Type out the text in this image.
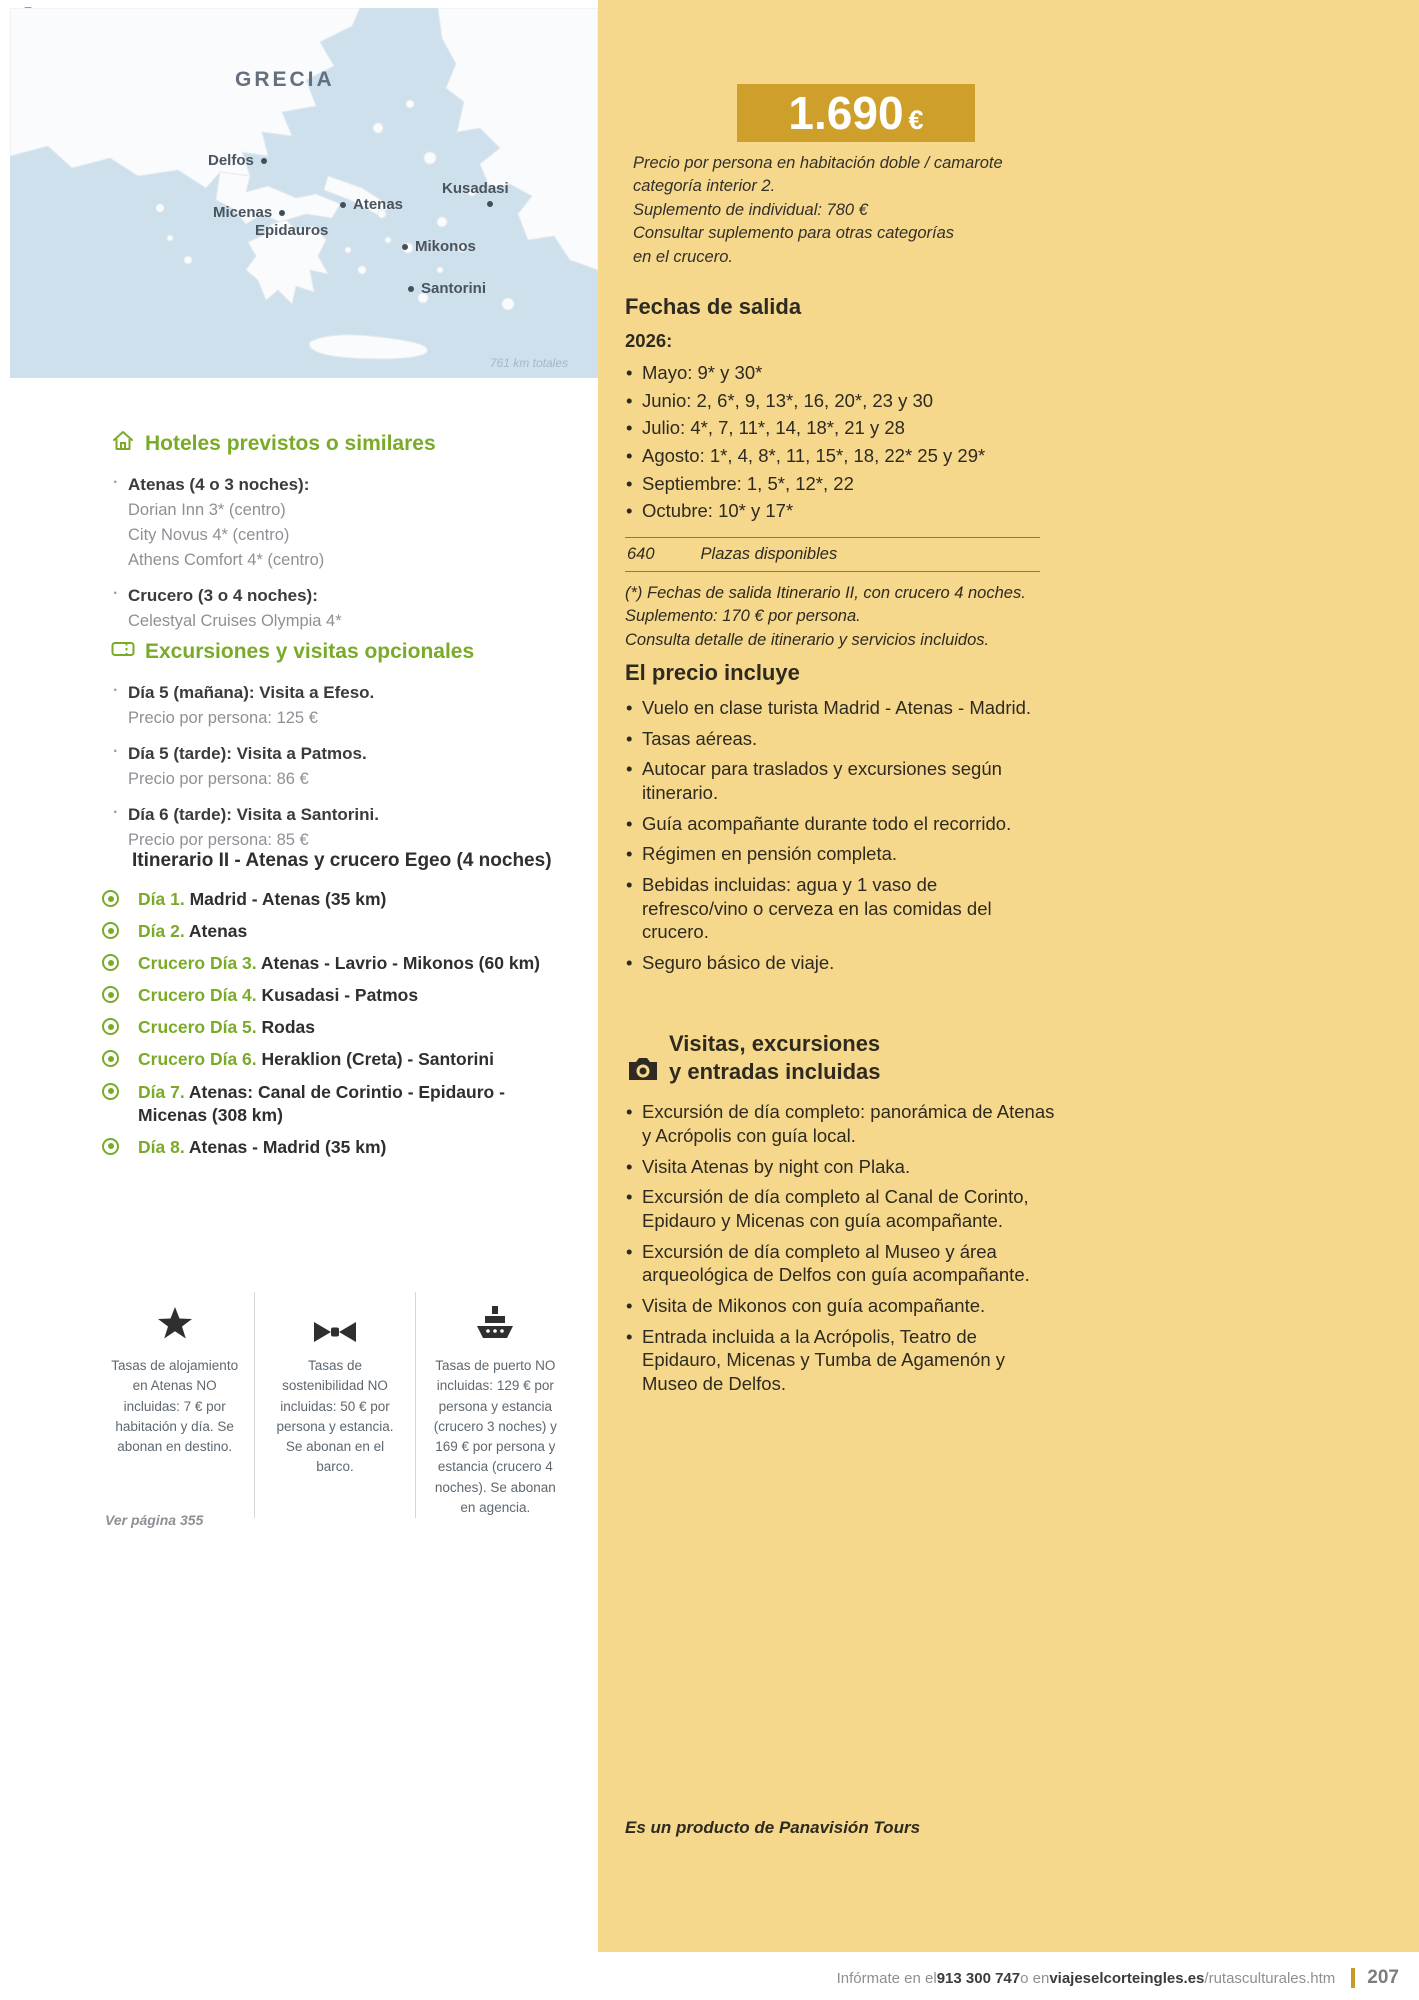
GRECIA
Delfos
Kusadasi
Atenas
Micenas
Epidauros
Mikonos
Santorini
761 km totales
Hoteles previstos o similares
· Atenas (4 o 3 noches):
Dorian Inn 3* (centro)
City Novus 4* (centro)
Athens Comfort 4* (centro)
· Crucero (3 o 4 noches):
Celestyal Cruises Olympia 4*
Excursiones y visitas opcionales
· Día 5 (mañana): Visita a Efeso.
Precio por persona: 125 €
· Día 5 (tarde): Visita a Patmos.
Precio por persona: 86 €
· Día 6 (tarde): Visita a Santorini.
Precio por persona: 85 €
Itinerario II - Atenas y crucero Egeo (4 noches)
Día 1. Madrid - Atenas (35 km)
Día 2. Atenas
Crucero Día 3. Atenas - Lavrio - Mikonos (60 km)
Crucero Día 4. Kusadasi - Patmos
Crucero Día 5. Rodas
Crucero Día 6. Heraklion (Creta) - Santorini
Día 7. Atenas: Canal de Corintio - Epidauro - Micenas (308 km)
Día 8. Atenas - Madrid (35 km)
Tasas de alojamiento en Atenas NO incluidas: 7 € por habitación y día. Se abonan en destino.
Tasas de sostenibilidad NO incluidas: 50 € por persona y estancia. Se abonan en el barco.
Tasas de puerto NO incluidas: 129 € por persona y estancia (crucero 3 noches) y 169 € por persona y estancia (crucero 4 noches). Se abonan en agencia.
Ver página 355
1.690 €
Precio por persona en habitación doble / camarote
categoría interior 2.
Suplemento de individual: 780 €
Consultar suplemento para otras categorías
en el crucero.
Fechas de salida
2026:
• Mayo: 9* y 30*
• Junio: 2, 6*, 9, 13*, 16, 20*, 23 y 30
• Julio: 4*, 7, 11*, 14, 18*, 21 y 28
• Agosto: 1*, 4, 8*, 11, 15*, 18, 22* 25 y 29*
• Septiembre: 1, 5*, 12*, 22
• Octubre: 10* y 17*
640	Plazas disponibles
(*) Fechas de salida Itinerario II, con crucero 4 noches.
Suplemento: 170 € por persona.
Consulta detalle de itinerario y servicios incluidos.
El precio incluye
• Vuelo en clase turista Madrid - Atenas - Madrid.
• Tasas aéreas.
• Autocar para traslados y excursiones según itinerario.
• Guía acompañante durante todo el recorrido.
• Régimen en pensión completa.
• Bebidas incluidas: agua y 1 vaso de refresco/vino o cerveza en las comidas del crucero.
• Seguro básico de viaje.
Visitas, excursiones
y entradas incluidas
• Excursión de día completo: panorámica de Atenas y Acrópolis con guía local.
• Visita Atenas by night con Plaka.
• Excursión de día completo al Canal de Corinto, Epidauro y Micenas con guía acompañante.
• Excursión de día completo al Museo y área arqueológica de Delfos con guía acompañante.
• Visita de Mikonos con guía acompañante.
• Entrada incluida a la Acrópolis, Teatro de Epidauro, Micenas y Tumba de Agamenón y Museo de Delfos.
Es un producto de Panavisión Tours
Infórmate en el 913 300 747 o en viajeselcorteingles.es /rutasculturales.htm 207
